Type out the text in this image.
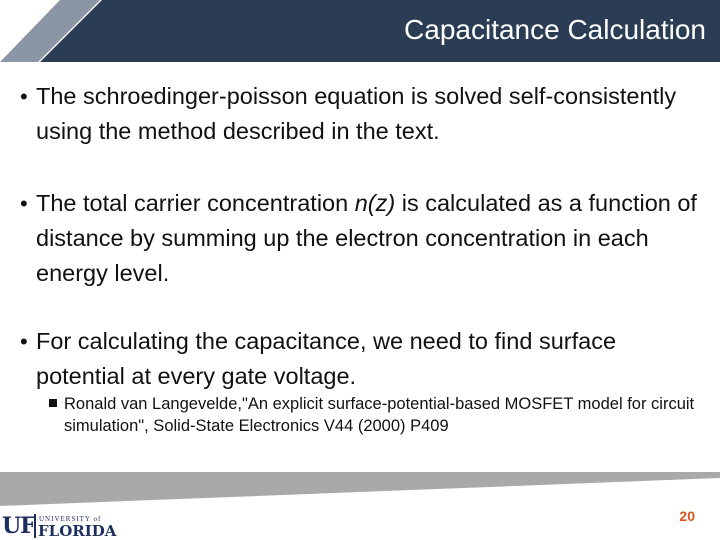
Capacitance Calculation

• The schroedinger-poisson equation is solved self-consistently using the method described in the text.

• The total carrier concentration n(z) is calculated as a function of distance by summing up the electron concentration in each energy level.

• For calculating the capacitance, we need to find surface potential at every gate voltage.

Ronald van Langevelde,"An explicit surface-potential-based MOSFET model for circuit simulation", Solid-State Electronics V44 (2000) P409

UF UNIVERSITY of
FLORIDA
20
